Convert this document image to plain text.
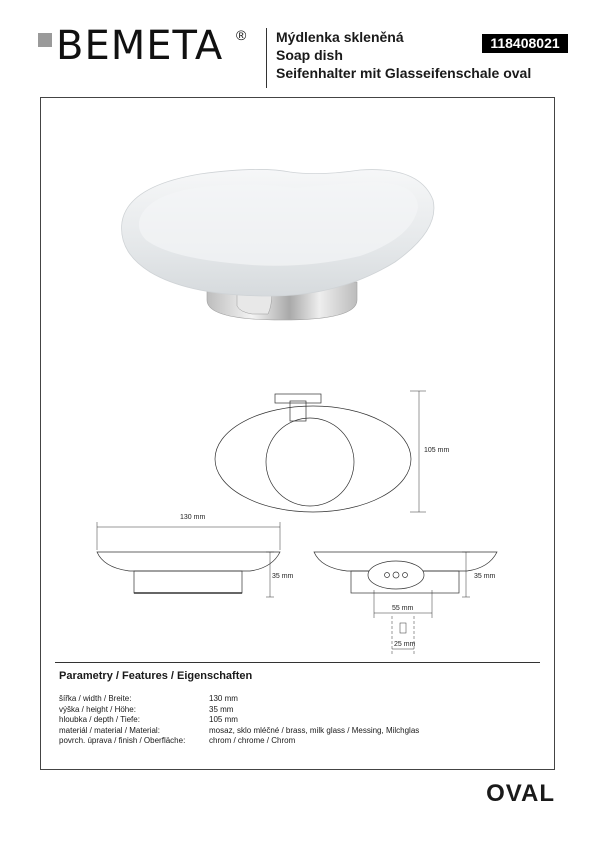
BEMETA ® Mýdlenka skleněná
Soap dish
Seifenhalter mit Glasseifenschale oval
118408021
105 mm
130 mm
35 mm	35 mm
55 mm
25 mm
Parametry / Features / Eigenschaften
šířka / width / Breite:	130 mm
výška / height / Höhe:	35 mm
hloubka / depth / Tiefe:	105 mm
materiál / material / Material:	mosaz, sklo mléčné / brass, milk glass / Messing, Milchglas
povrch. úprava / finish / Oberfläche:	chrom / chrome / Chrom
OVAL
